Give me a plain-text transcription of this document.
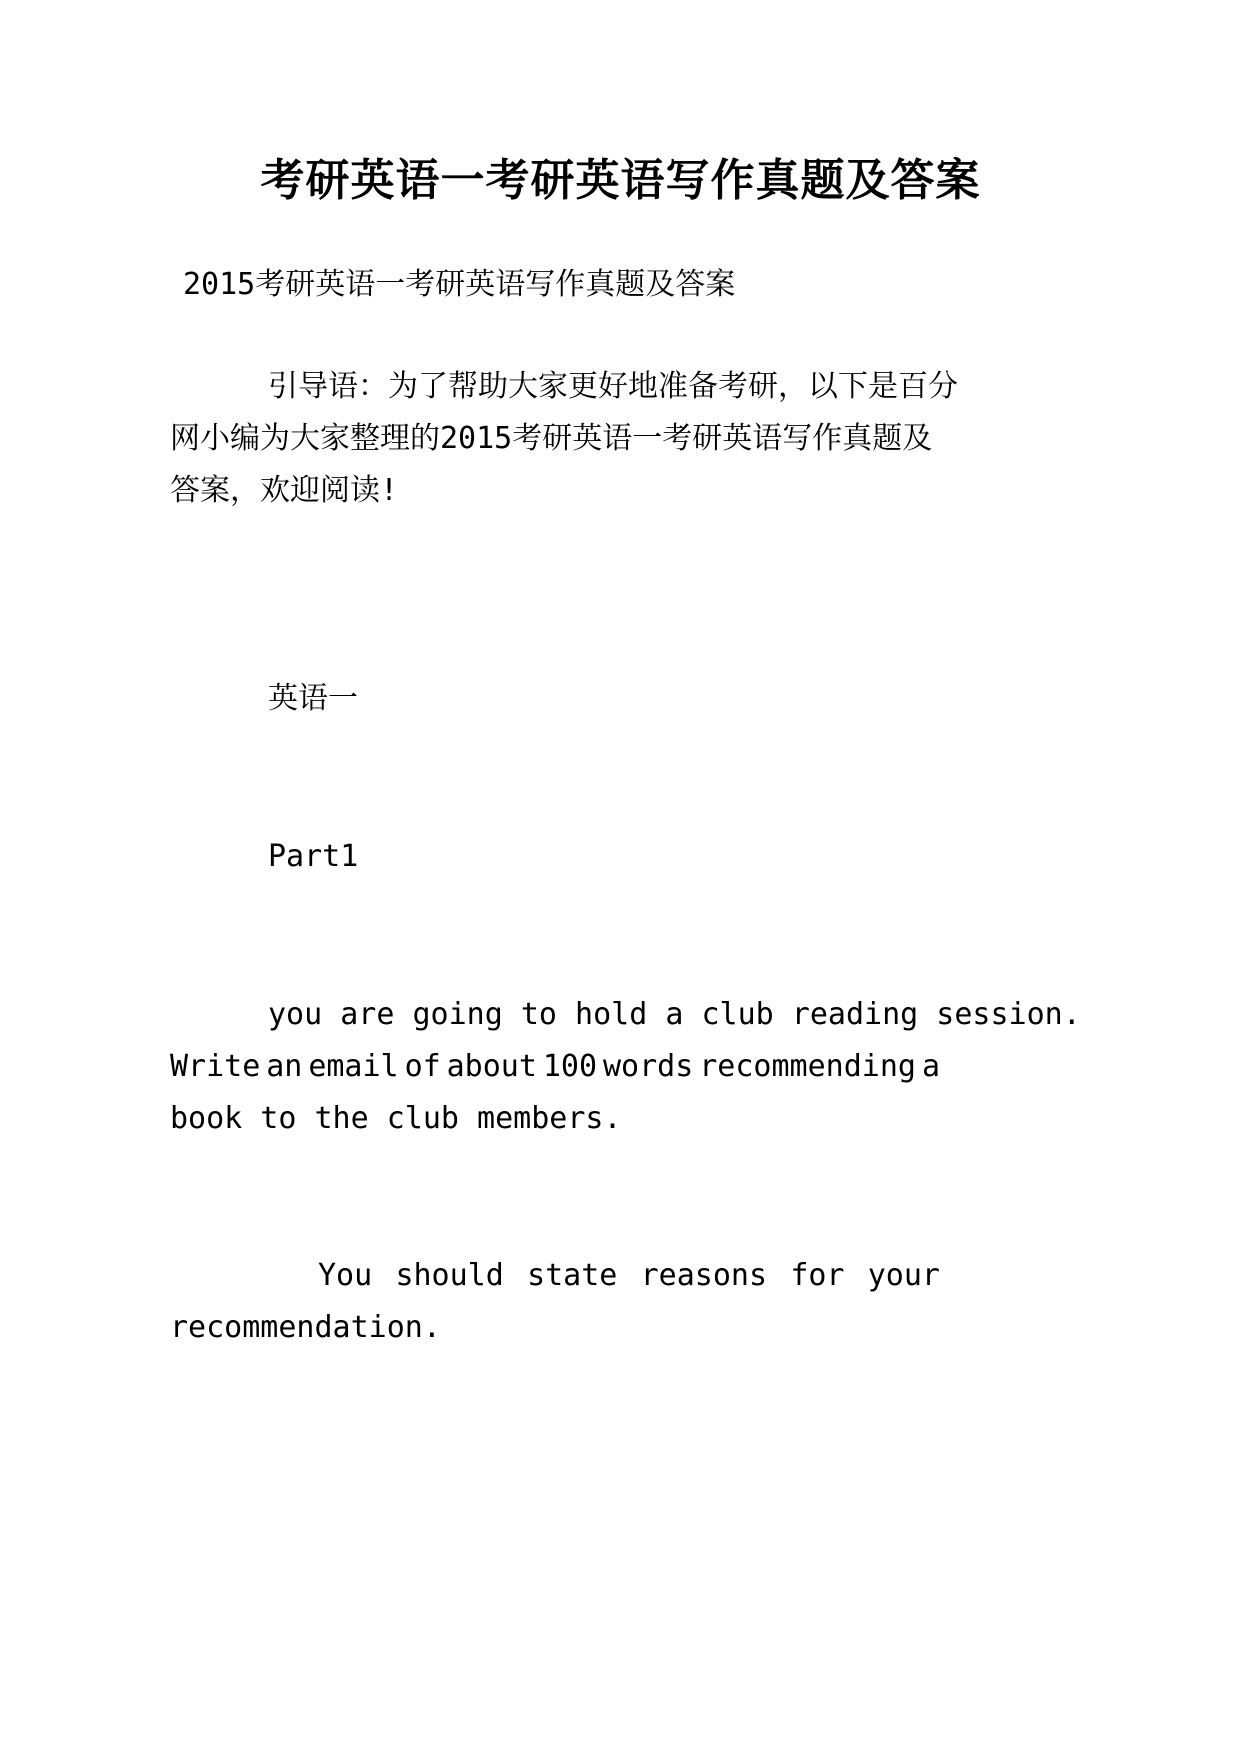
考研英语一考研英语写作真题及答案

2015考研英语一考研英语写作真题及答案

引导语：为了帮助大家更好地准备考研，以下是百分

网小编为大家整理的2015考研英语一考研英语写作真题及

答案，欢迎阅读!

英语一

Part1

you are going to hold a club reading session.

Write an email of about 100 words recommending a

book to the club members.

You should state reasons for your

recommendation.
